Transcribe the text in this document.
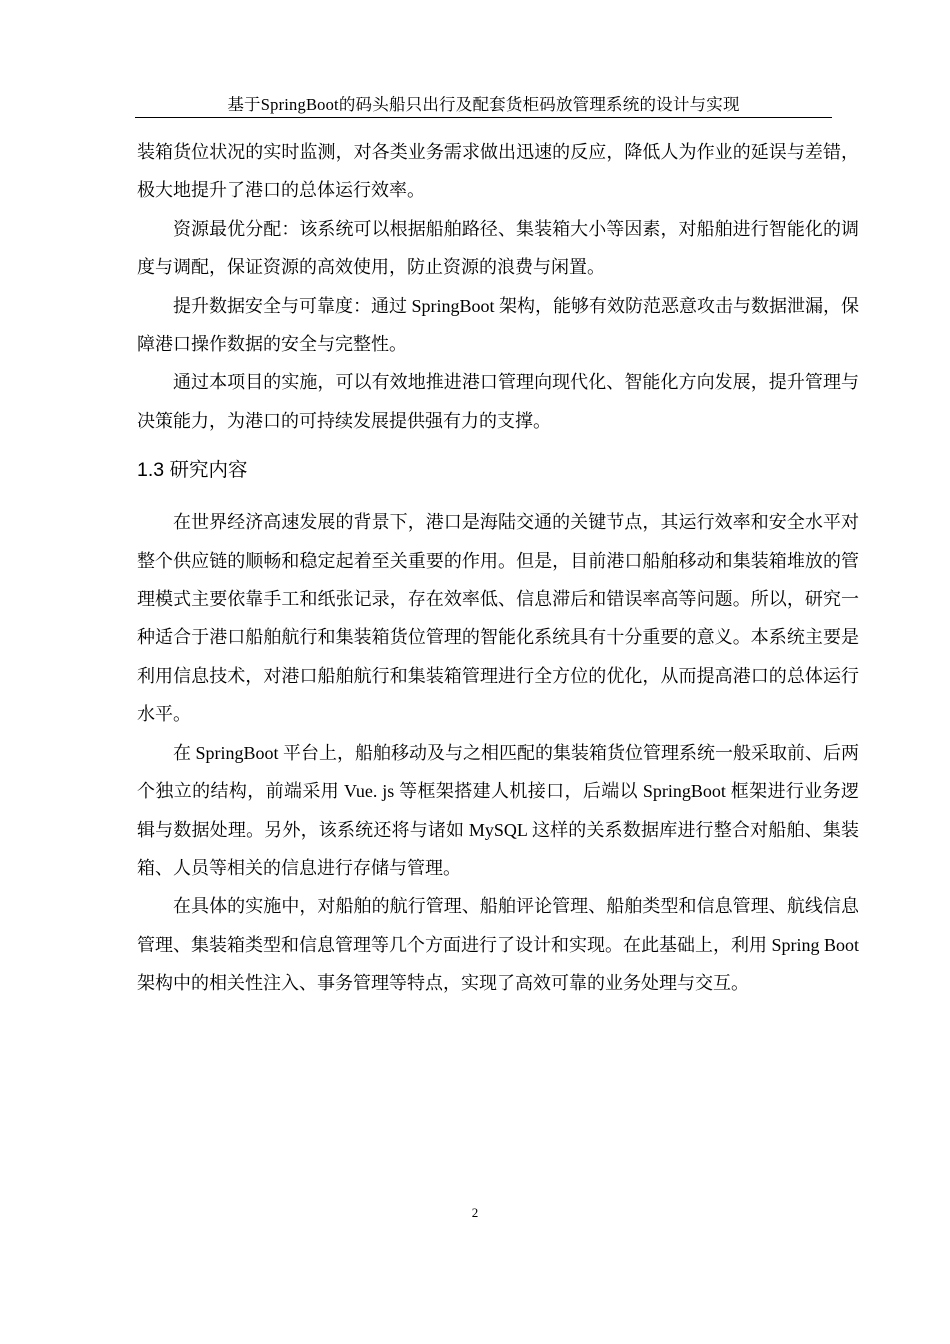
基于SpringBoot的码头船只出行及配套货柜码放管理系统的设计与实现

装箱货位状况的实时监测，对各类业务需求做出迅速的反应，降低人为作业的延误与差错，极大地提升了港口的总体运行效率。

资源最优分配：该系统可以根据船舶路径、集装箱大小等因素，对船舶进行智能化的调度与调配，保证资源的高效使用，防止资源的浪费与闲置。

提升数据安全与可靠度：通过 SpringBoot 架构，能够有效防范恶意攻击与数据泄漏，保障港口操作数据的安全与完整性。

通过本项目的实施，可以有效地推进港口管理向现代化、智能化方向发展，提升管理与决策能力，为港口的可持续发展提供强有力的支撑。

1.3 研究内容

在世界经济高速发展的背景下，港口是海陆交通的关键节点，其运行效率和安全水平对整个供应链的顺畅和稳定起着至关重要的作用。但是，目前港口船舶移动和集装箱堆放的管理模式主要依靠手工和纸张记录，存在效率低、信息滞后和错误率高等问题。所以，研究一种适合于港口船舶航行和集装箱货位管理的智能化系统具有十分重要的意义。本系统主要是利用信息技术，对港口船舶航行和集装箱管理进行全方位的优化，从而提高港口的总体运行水平。

在 SpringBoot 平台上，船舶移动及与之相匹配的集装箱货位管理系统一般采取前、后两个独立的结构，前端采用 Vue. js 等框架搭建人机接口，后端以 SpringBoot 框架进行业务逻辑与数据处理。另外，该系统还将与诸如 MySQL 这样的关系数据库进行整合对船舶、集装箱、人员等相关的信息进行存储与管理。

在具体的实施中，对船舶的航行管理、船舶评论管理、船舶类型和信息管理、航线信息管理、集装箱类型和信息管理等几个方面进行了设计和实现。在此基础上，利用 Spring Boot 架构中的相关性注入、事务管理等特点，实现了高效可靠的业务处理与交互。

2
